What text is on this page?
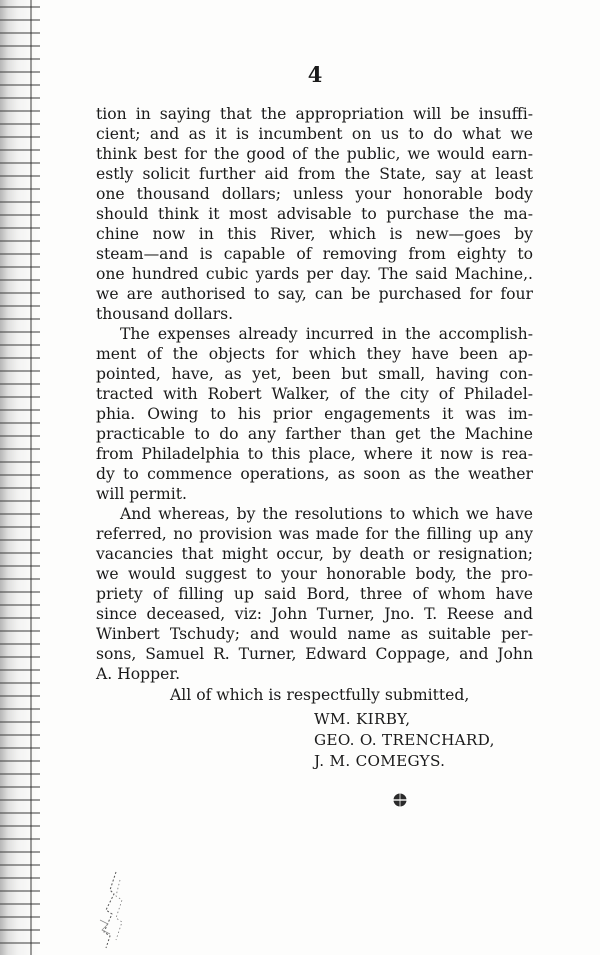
4
tion in saying that the appropriation will be insuffi-
cient; and as it is incumbent on us to do what we
think best for the good of the public, we would earn-
estly solicit further aid from the State, say at least
one thousand dollars; unless your honorable body
should think it most advisable to purchase the ma-
chine now in this River, which is new—goes by
steam—and is capable of removing from eighty to
one hundred cubic yards per day. The said Machine,.
we are authorised to say, can be purchased for four
thousand dollars.
The expenses already incurred in the accomplish-
ment of the objects for which they have been ap-
pointed, have, as yet, been but small, having con-
tracted with Robert Walker, of the city of Philadel-
phia. Owing to his prior engagements it was im-
practicable to do any farther than get the Machine
from Philadelphia to this place, where it now is rea-
dy to commence operations, as soon as the weather
will permit.
And whereas, by the resolutions to which we have
referred, no provision was made for the filling up any
vacancies that might occur, by death or resignation;
we would suggest to your honorable body, the pro-
priety of filling up said Bord, three of whom have
since deceased, viz: John Turner, Jno. T. Reese and
Winbert Tschudy; and would name as suitable per-
sons, Samuel R. Turner, Edward Coppage, and John
A. Hopper.
All of which is respectfully submitted,
WM. KIRBY,
GEO. O. TRENCHARD,
J. M. COMEGYS.
